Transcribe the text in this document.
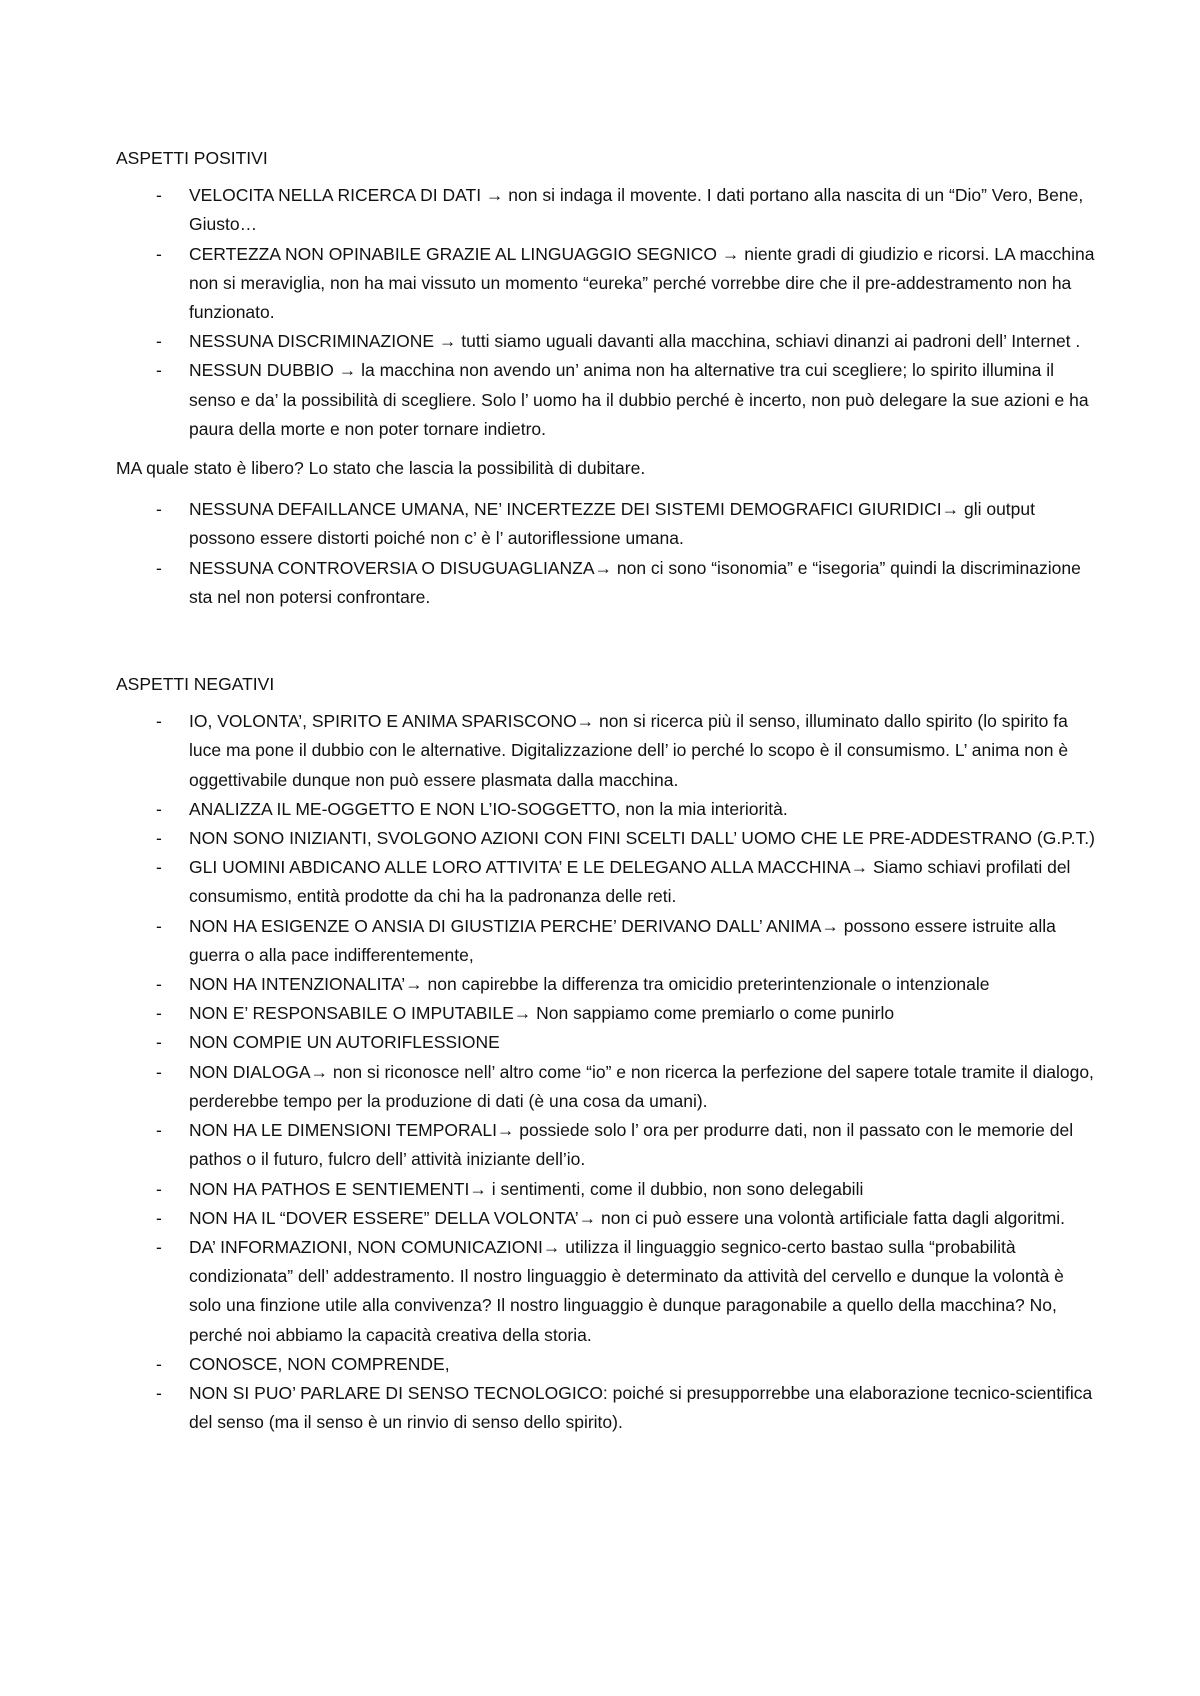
ASPETTI POSITIVI
- VELOCITA NELLA RICERCA DI DATI → non si indaga il movente. I dati portano alla nascita di un “Dio” Vero, Bene, Giusto…
- CERTEZZA NON OPINABILE GRAZIE AL LINGUAGGIO SEGNICO → niente gradi di giudizio e ricorsi. LA macchina non si meraviglia, non ha mai vissuto un momento “eureka” perché vorrebbe dire che il pre-addestramento non ha funzionato.
- NESSUNA DISCRIMINAZIONE → tutti siamo uguali davanti alla macchina, schiavi dinanzi ai padroni dell’ Internet .
- NESSUN DUBBIO → la macchina non avendo un’ anima non ha alternative tra cui scegliere; lo spirito illumina il senso e da’ la possibilità di scegliere. Solo l’ uomo ha il dubbio perché è incerto, non può delegare la sue azioni e ha paura della morte e non poter tornare indietro.
MA quale stato è libero? Lo stato che lascia la possibilità di dubitare.
- NESSUNA DEFAILLANCE UMANA, NE’ INCERTEZZE DEI SISTEMI DEMOGRAFICI GIURIDICI→ gli output possono essere distorti poiché non c’ è l’ autoriflessione umana.
- NESSUNA CONTROVERSIA O DISUGUAGLIANZA→ non ci sono “isonomia” e “isegoria” quindi la discriminazione sta nel non potersi confrontare.
ASPETTI NEGATIVI
- IO, VOLONTA’, SPIRITO E ANIMA SPARISCONO→ non si ricerca più il senso, illuminato dallo spirito (lo spirito fa luce ma pone il dubbio con le alternative. Digitalizzazione dell’ io perché lo scopo è il consumismo. L’ anima non è oggettivabile dunque non può essere plasmata dalla macchina.
- ANALIZZA IL ME-OGGETTO E NON L’IO-SOGGETTO, non la mia interiorità.
- NON SONO INIZIANTI, SVOLGONO AZIONI CON FINI SCELTI DALL’ UOMO CHE LE PRE-ADDESTRANO (G.P.T.)
- GLI UOMINI ABDICANO ALLE LORO ATTIVITA’ E LE DELEGANO ALLA MACCHINA→ Siamo schiavi profilati del consumismo, entità prodotte da chi ha la padronanza delle reti.
- NON HA ESIGENZE O ANSIA DI GIUSTIZIA PERCHE’ DERIVANO DALL’ ANIMA→ possono essere istruite alla guerra o alla pace indifferentemente,
- NON HA INTENZIONALITA’→ non capirebbe la differenza tra omicidio preterintenzionale o intenzionale
- NON E’ RESPONSABILE O IMPUTABILE→ Non sappiamo come premiarlo o come punirlo
- NON COMPIE UN AUTORIFLESSIONE
- NON DIALOGA→ non si riconosce nell’ altro come “io” e non ricerca la perfezione del sapere totale tramite il dialogo, perderebbe tempo per la produzione di dati (è una cosa da umani).
- NON HA LE DIMENSIONI TEMPORALI→ possiede solo l’ ora per produrre dati, non il passato con le memorie del pathos o il futuro, fulcro dell’ attività iniziante dell’io.
- NON HA PATHOS E SENTIEMENTI→ i sentimenti, come il dubbio, non sono delegabili
- NON HA IL “DOVER ESSERE” DELLA VOLONTA’→ non ci può essere una volontà artificiale fatta dagli algoritmi.
- DA’ INFORMAZIONI, NON COMUNICAZIONI→ utilizza il linguaggio segnico-certo bastao sulla “probabilità condizionata” dell’ addestramento. Il nostro linguaggio è determinato da attività del cervello e dunque la volontà è solo una finzione utile alla convivenza? Il nostro linguaggio è dunque paragonabile a quello della macchina? No, perché noi abbiamo la capacità creativa della storia.
- CONOSCE, NON COMPRENDE,
- NON SI PUO’ PARLARE DI SENSO TECNOLOGICO: poiché si presupporrebbe una elaborazione tecnico-scientifica del senso (ma il senso è un rinvio di senso dello spirito).
